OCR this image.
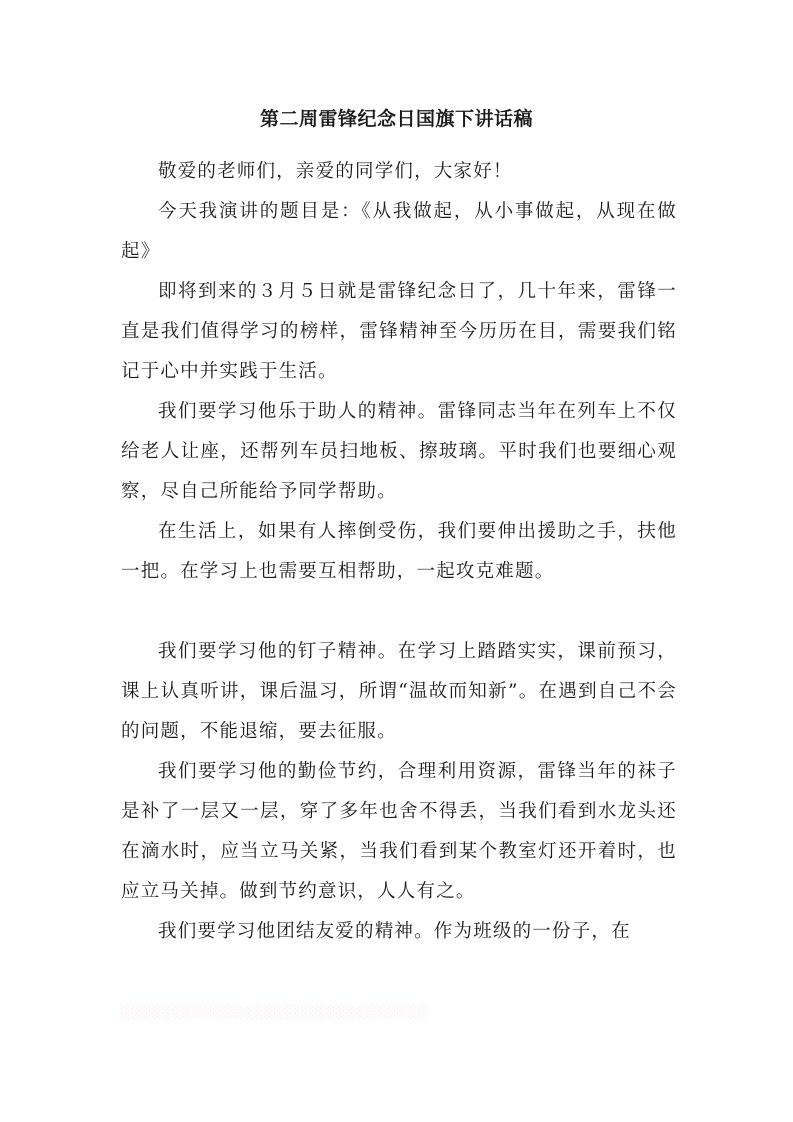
第二周雷锋纪念日国旗下讲话稿

敬爱的老师们，亲爱的同学们，大家好！

今天我演讲的题目是：《从我做起，从小事做起，从现在做起》

即将到来的３月５日就是雷锋纪念日了，几十年来，雷锋一直是我们值得学习的榜样，雷锋精神至今历历在目，需要我们铭记于心中并实践于生活。

我们要学习他乐于助人的精神。雷锋同志当年在列车上不仅给老人让座，还帮列车员扫地板、擦玻璃。平时我们也要细心观察，尽自己所能给予同学帮助。

在生活上，如果有人摔倒受伤，我们要伸出援助之手，扶他一把。在学习上也需要互相帮助，一起攻克难题。

我们要学习他的钉子精神。在学习上踏踏实实，课前预习，课上认真听讲，课后温习，所谓“温故而知新”。在遇到自己不会的问题，不能退缩，要去征服。

我们要学习他的勤俭节约，合理利用资源，雷锋当年的袜子是补了一层又一层，穿了多年也舍不得丢，当我们看到水龙头还在滴水时，应当立马关紧，当我们看到某个教室灯还开着时，也应立马关掉。做到节约意识，人人有之。

我们要学习他团结友爱的精神。作为班级的一份子，在

░░░░░░░░░░░░░░░░░░░░░░░░░░░░░░
